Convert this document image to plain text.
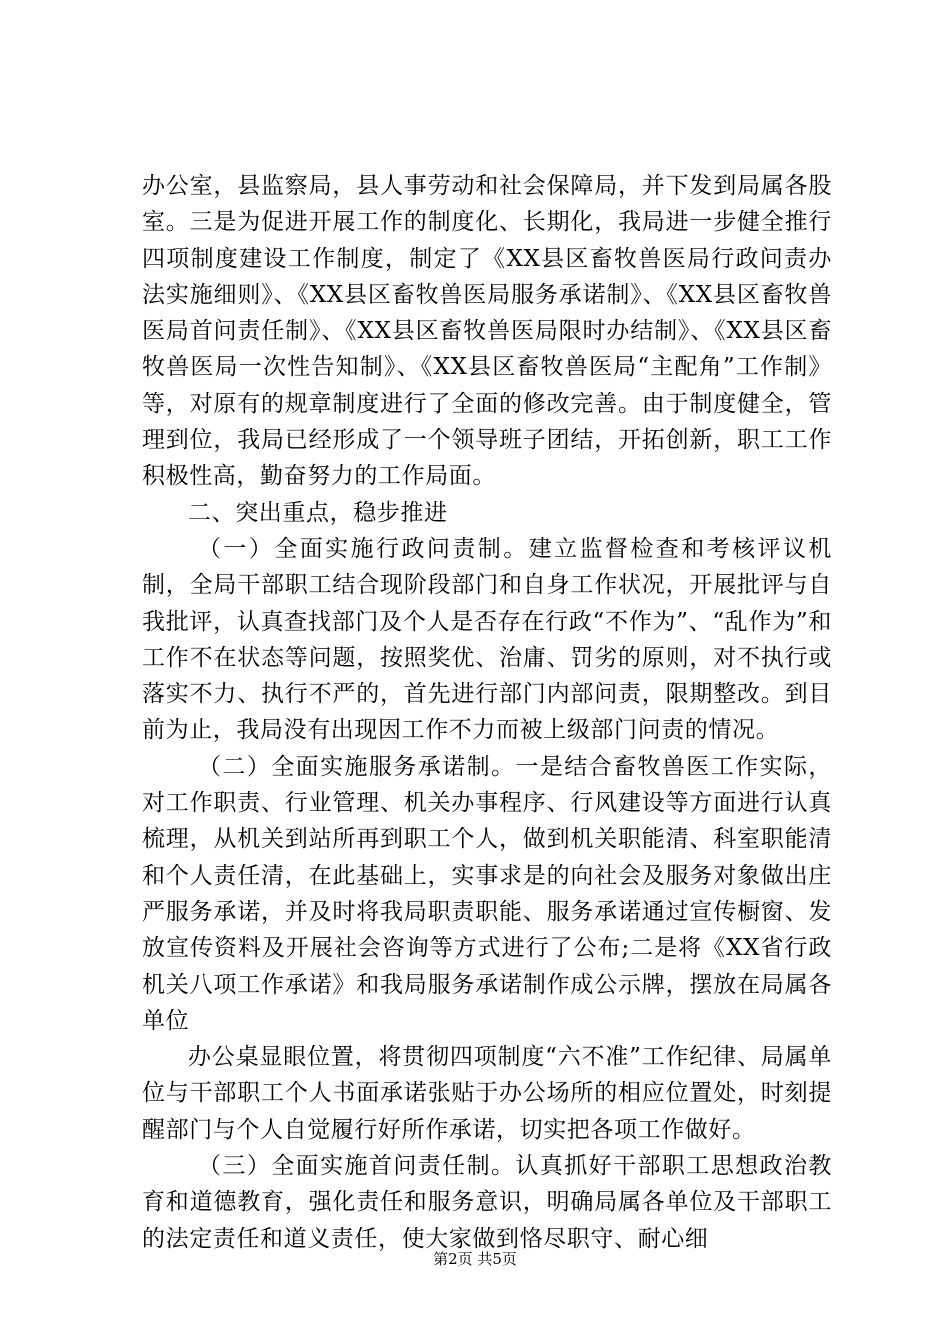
办公室，县监察局，县人事劳动和社会保障局，并下发到局属各股室。三是为促进开展工作的制度化、长期化，我局进一步健全推行四项制度建设工作制度，制定了《XX县区畜牧兽医局行政问责办法实施细则》、《XX县区畜牧兽医局服务承诺制》、《XX县区畜牧兽医局首问责任制》、《XX县区畜牧兽医局限时办结制》、《XX县区畜牧兽医局一次性告知制》、《XX县区畜牧兽医局“主配角”工作制》等，对原有的规章制度进行了全面的修改完善。由于制度健全，管理到位，我局已经形成了一个领导班子团结，开拓创新，职工工作积极性高，勤奋努力的工作局面。

二、突出重点，稳步推进

（一）全面实施行政问责制。建立监督检查和考核评议机制，全局干部职工结合现阶段部门和自身工作状况，开展批评与自我批评，认真查找部门及个人是否存在行政“不作为”、“乱作为”和工作不在状态等问题，按照奖优、治庸、罚劣的原则，对不执行或落实不力、执行不严的，首先进行部门内部问责，限期整改。到目前为止，我局没有出现因工作不力而被上级部门问责的情况。

（二）全面实施服务承诺制。一是结合畜牧兽医工作实际，对工作职责、行业管理、机关办事程序、行风建设等方面进行认真梳理，从机关到站所再到职工个人，做到机关职能清、科室职能清和个人责任清，在此基础上，实事求是的向社会及服务对象做出庄严服务承诺，并及时将我局职责职能、服务承诺通过宣传橱窗、发放宣传资料及开展社会咨询等方式进行了公布;二是将《XX省行政机关八项工作承诺》和我局服务承诺制作成公示牌，摆放在局属各单位

办公桌显眼位置，将贯彻四项制度“六不准”工作纪律、局属单位与干部职工个人书面承诺张贴于办公场所的相应位置处，时刻提醒部门与个人自觉履行好所作承诺，切实把各项工作做好。

（三）全面实施首问责任制。认真抓好干部职工思想政治教育和道德教育，强化责任和服务意识，明确局属各单位及干部职工的法定责任和道义责任，使大家做到恪尽职守、耐心细

第2页 共5页
